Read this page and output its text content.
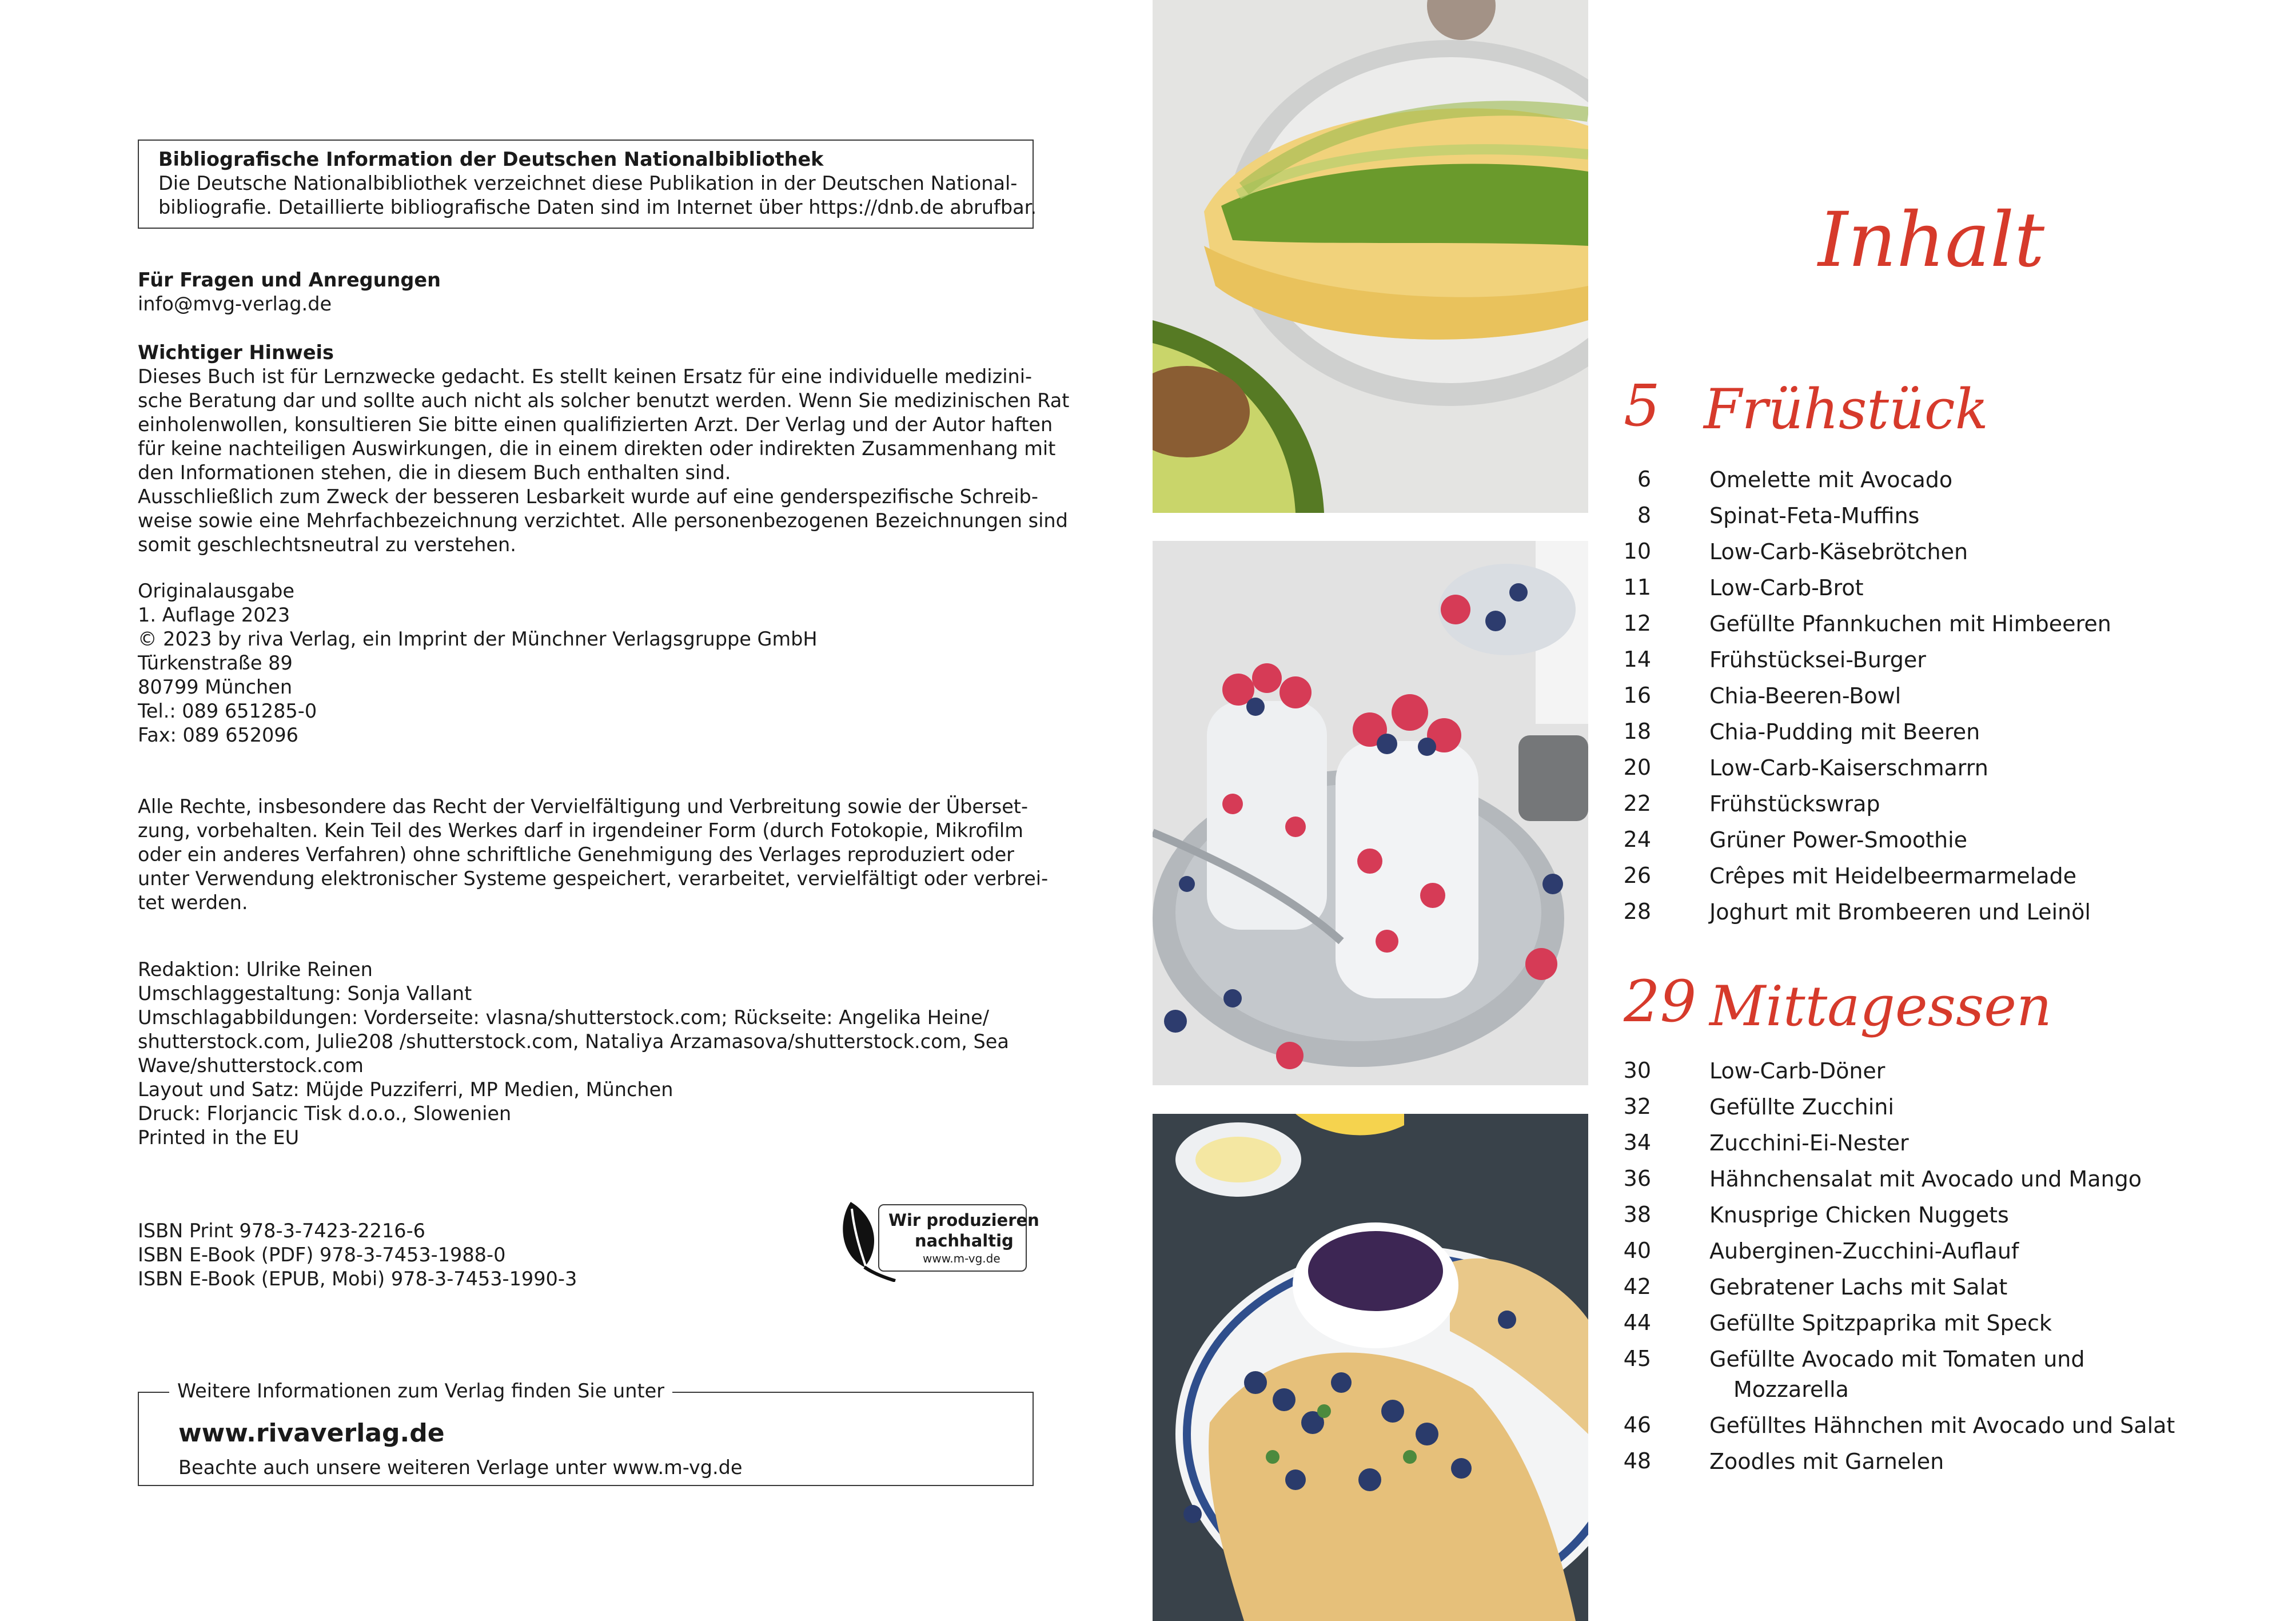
Bibliografische Information der Deutschen Nationalbibliothek
Die Deutsche Nationalbibliothek verzeichnet diese Publikation in der Deutschen National-
bibliografie. Detaillierte bibliografische Daten sind im Internet über https://dnb.de abrufbar.
Für Fragen und Anregungen
info@mvg-verlag.de
Wichtiger Hinweis
Dieses Buch ist für Lernzwecke gedacht. Es stellt keinen Ersatz für eine individuelle medizini-
sche Beratung dar und sollte auch nicht als solcher benutzt werden. Wenn Sie medizinischen Rat
einholenwollen, konsultieren Sie bitte einen qualifizierten Arzt. Der Verlag und der Autor haften
für keine nachteiligen Auswirkungen, die in einem direkten oder indirekten Zusammenhang mit
den Informationen stehen, die in diesem Buch enthalten sind.
Ausschließlich zum Zweck der besseren Lesbarkeit wurde auf eine genderspezifische Schreib-
weise sowie eine Mehrfachbezeichnung verzichtet. Alle personenbezogenen Bezeichnungen sind
somit geschlechtsneutral zu verstehen.
Originalausgabe
1. Auflage 2023
© 2023 by riva Verlag, ein Imprint der Münchner Verlagsgruppe GmbH
Türkenstraße 89
80799 München
Tel.: 089 651285-0
Fax: 089 652096
Alle Rechte, insbesondere das Recht der Vervielfältigung und Verbreitung sowie der Überset-
zung, vorbehalten. Kein Teil des Werkes darf in irgendeiner Form (durch Fotokopie, Mikrofilm
oder ein anderes Verfahren) ohne schriftliche Genehmigung des Verlages reproduziert oder
unter Verwendung elektronischer Systeme gespeichert, verarbeitet, vervielfältigt oder verbrei-
tet werden.
Redaktion: Ulrike Reinen
Umschlaggestaltung: Sonja Vallant
Umschlagabbildungen: Vorderseite: vlasna/shutterstock.com; Rückseite: Angelika Heine/
shutterstock.com, Julie208 /shutterstock.com, Nataliya Arzamasova/shutterstock.com, Sea
Wave/shutterstock.com
Layout und Satz: Müjde Puzziferri, MP Medien, München
Druck: Florjancic Tisk d.o.o., Slowenien
Printed in the EU
ISBN Print 978-3-7423-2216-6
ISBN E-Book (PDF) 978-3-7453-1988-0
ISBN E-Book (EPUB, Mobi) 978-3-7453-1990-3
Wir produzieren
nachhaltig
www.m-vg.de
Weitere Informationen zum Verlag finden Sie unter
www.rivaverlag.de
Beachte auch unsere weiteren Verlage unter www.m-vg.de
Inhalt
5 Frühstück
6	Omelette mit Avocado
8	Spinat-Feta-Muffins
10	Low-Carb-Käsebrötchen
11	Low-Carb-Brot
12	Gefüllte Pfannkuchen mit Himbeeren
14	Frühstücksei-Burger
16	Chia-Beeren-Bowl
18	Chia-Pudding mit Beeren
20	Low-Carb-Kaiserschmarrn
22	Frühstückswrap
24	Grüner Power-Smoothie
26	Crêpes mit Heidelbeermarmelade
28	Joghurt mit Brombeeren und Leinöl
29 Mittagessen
30	Low-Carb-Döner
32	Gefüllte Zucchini
34	Zucchini-Ei-Nester
36	Hähnchensalat mit Avocado und Mango
38	Knusprige Chicken Nuggets
40	Auberginen-Zucchini-Auflauf
42	Gebratener Lachs mit Salat
44	Gefüllte Spitzpaprika mit Speck
45	Gefüllte Avocado mit Tomaten und
Mozzarella
46	Gefülltes Hähnchen mit Avocado und Salat
48	Zoodles mit Garnelen
